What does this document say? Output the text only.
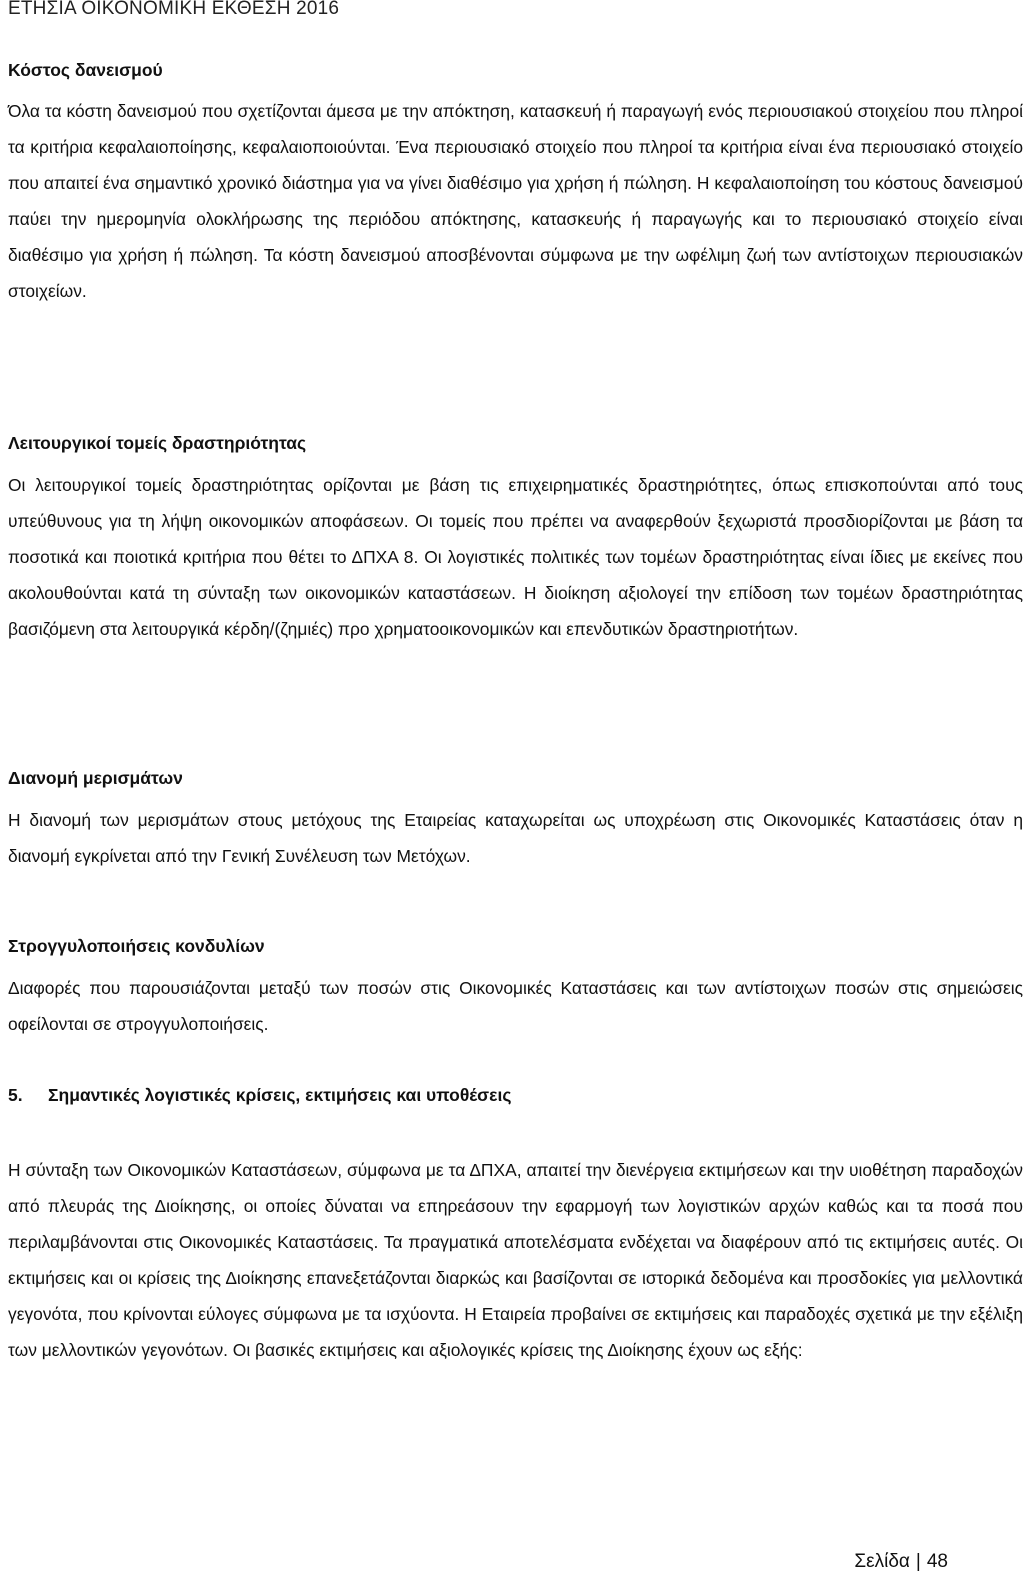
ΕΤΗΣΙΑ ΟΙΚΟΝΟΜΙΚΗ ΕΚΘΕΣΗ 2016
Κόστος δανεισμού
Όλα τα κόστη δανεισμού που σχετίζονται άμεσα με την απόκτηση, κατασκευή ή παραγωγή ενός περιουσιακού στοιχείου που πληροί τα κριτήρια κεφαλαιοποίησης, κεφαλαιοποιούνται. Ένα περιουσιακό στοιχείο που πληροί τα κριτήρια είναι ένα περιουσιακό στοιχείο που απαιτεί ένα σημαντικό χρονικό διάστημα για να γίνει διαθέσιμο για χρήση ή πώληση. Η κεφαλαιοποίηση του κόστους δανεισμού παύει την ημερομηνία ολοκλήρωσης της περιόδου απόκτησης, κατασκευής ή παραγωγής και το περιουσιακό στοιχείο είναι διαθέσιμο για χρήση ή πώληση. Τα κόστη δανεισμού αποσβένονται σύμφωνα με την ωφέλιμη ζωή των αντίστοιχων περιουσιακών στοιχείων.
Λειτουργικοί τομείς δραστηριότητας
Οι λειτουργικοί τομείς δραστηριότητας ορίζονται με βάση τις επιχειρηματικές δραστηριότητες, όπως επισκοπούνται από τους υπεύθυνους για τη λήψη οικονομικών αποφάσεων. Οι τομείς που πρέπει να αναφερθούν ξεχωριστά προσδιορίζονται με βάση τα ποσοτικά και ποιοτικά κριτήρια που θέτει το ΔΠΧΑ 8. Οι λογιστικές πολιτικές των τομέων δραστηριότητας είναι ίδιες με εκείνες που ακολουθούνται κατά τη σύνταξη των οικονομικών καταστάσεων. Η διοίκηση αξιολογεί την επίδοση των τομέων δραστηριότητας βασιζόμενη στα λειτουργικά κέρδη/(ζημιές) προ χρηματοοικονομικών και επενδυτικών δραστηριοτήτων.
Διανομή μερισμάτων
Η διανομή των μερισμάτων στους μετόχους της Εταιρείας καταχωρείται ως υποχρέωση στις Οικονομικές Καταστάσεις όταν η διανομή εγκρίνεται από την Γενική Συνέλευση των Μετόχων.
Στρογγυλοποιήσεις κονδυλίων
Διαφορές που παρουσιάζονται μεταξύ των ποσών στις Οικονομικές Καταστάσεις και των αντίστοιχων ποσών στις σημειώσεις οφείλονται σε στρογγυλοποιήσεις.
5.	Σημαντικές λογιστικές κρίσεις, εκτιμήσεις και υποθέσεις
Η σύνταξη των Οικονομικών Καταστάσεων, σύμφωνα με τα ΔΠΧΑ, απαιτεί την διενέργεια εκτιμήσεων και την υιοθέτηση παραδοχών από πλευράς της Διοίκησης, οι οποίες δύναται να επηρεάσουν την εφαρμογή των λογιστικών αρχών καθώς και τα ποσά που περιλαμβάνονται στις Οικονομικές Καταστάσεις. Τα πραγματικά αποτελέσματα ενδέχεται να διαφέρουν από τις εκτιμήσεις αυτές. Οι εκτιμήσεις και οι κρίσεις της Διοίκησης επανεξετάζονται διαρκώς και βασίζονται σε ιστορικά δεδομένα και προσδοκίες για μελλοντικά γεγονότα, που κρίνονται εύλογες σύμφωνα με τα ισχύοντα. Η Εταιρεία προβαίνει σε εκτιμήσεις και παραδοχές σχετικά με την εξέλιξη των μελλοντικών γεγονότων. Οι βασικές εκτιμήσεις και αξιολογικές κρίσεις της Διοίκησης έχουν ως εξής:
Σελίδα | 48
